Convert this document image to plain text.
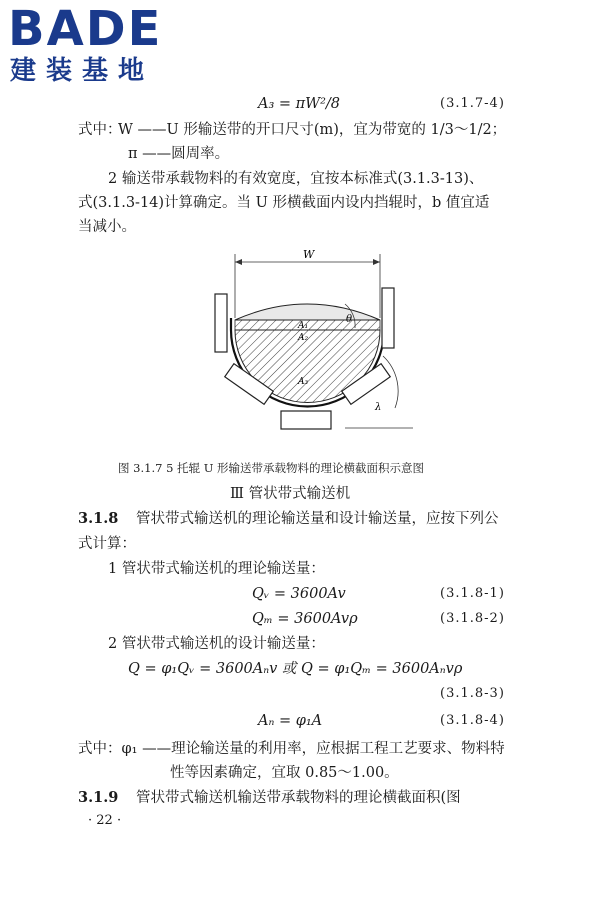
BADE
建装基地
A₃ = πW²/8	(3.1.7-4)
式中：
W ——U 形输送带的开口尺寸(m)，宜为带宽的 1/3～1/2；
π ——圆周率。
2 输送带承载物料的有效宽度，宜按本标准式(3.1.3-13)、
式(3.1.3-14)计算确定。当 U 形横截面内设内挡辊时，b 值宜适
当减小。
W
θ
λ
A₁
A₂
A₃
图 3.1.7 5 托辊 U 形输送带承载物料的理论横截面积示意图
Ⅲ 管状带式输送机
3.1.8 管状带式输送机的理论输送量和设计输送量，应按下列公
式计算：
1 管状带式输送机的理论输送量：
Qᵥ = 3600Av	(3.1.8-1)
Qₘ = 3600Avρ	(3.1.8-2)
2 管状带式输送机的设计输送量：
Q = φ₁Qᵥ = 3600Aₙv 或 Q = φ₁Qₘ = 3600Aₙvρ
(3.1.8-3)
Aₙ = φ₁A	(3.1.8-4)
式中：φ₁ ——理论输送量的利用率，应根据工程工艺要求、物料特
性等因素确定，宜取 0.85～1.00。
3.1.9 管状带式输送机输送带承载物料的理论横截面积(图
· 22 ·
